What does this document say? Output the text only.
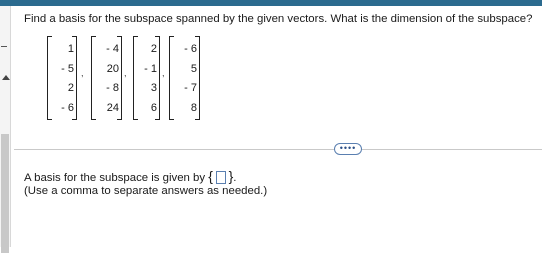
Find a basis for the subspace spanned by the given vectors. What is the dimension of the subspace?
1
- 5
2
- 6
,
- 4
20
- 8
24
,
2
- 1
3
6
,
- 6
5
- 7
8
••••
A basis for the subspace is given by { } .
(Use a comma to separate answers as needed.)
